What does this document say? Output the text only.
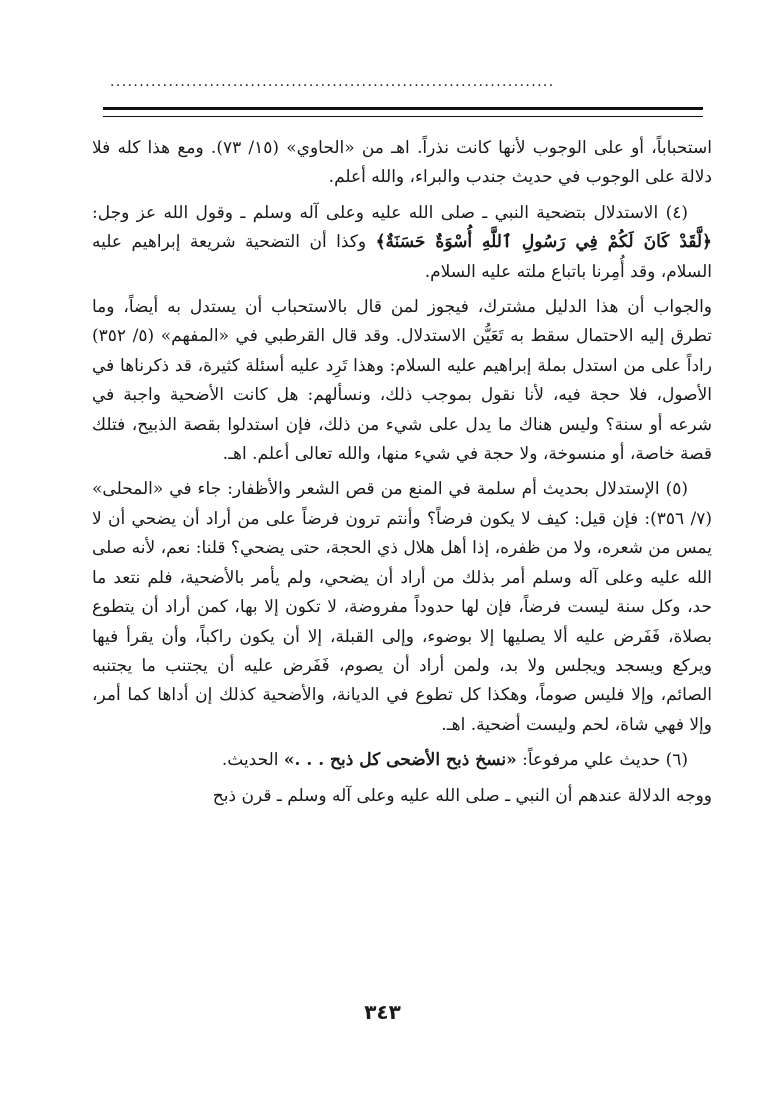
............................................................................

استحباباً، أو على الوجوب لأنها كانت نذراً. اهـ من «الحاوي» (١٥/ ٧٣). ومع هذا كله فلا دلالة على الوجوب في حديث جندب والبراء، والله أعلم.

(٤) الاستدلال بتضحية النبي ـ صلى الله عليه وعلى آله وسلم ـ وقول الله عز وجل: ﴿لَّقَدْ كَانَ لَكُمْ فِي رَسُولِ ٱللَّهِ أُسْوَةٌ حَسَنَةٌ﴾ وكذا أن التضحية شريعة إبراهيم عليه السلام، وقد أُمِرنا باتباع ملته عليه السلام.

والجواب أن هذا الدليل مشترك، فيجوز لمن قال بالاستحباب أن يستدل به أيضاً، وما تطرق إليه الاحتمال سقط به تَعَيُّن الاستدلال. وقد قال القرطبي في «المفهم» (٥/ ٣٥٢) راداً على من استدل بملة إبراهيم عليه السلام: وهذا تَرِد عليه أسئلة كثيرة، قد ذكرناها في الأصول، فلا حجة فيه، لأنا نقول بموجب ذلك، ونسألهم: هل كانت الأضحية واجبة في شرعه أو سنة؟ وليس هناك ما يدل على شيء من ذلك، فإن استدلوا بقصة الذبيح، فتلك قصة خاصة، أو منسوخة، ولا حجة في شيء منها، والله تعالى أعلم. اهـ.

(٥) الإستدلال بحديث أم سلمة في المنع من قص الشعر والأظفار: جاء في «المحلى» (٧/ ٣٥٦): فإن قيل: كيف لا يكون فرضاً؟ وأنتم ترون فرضاً على من أراد أن يضحي أن لا يمس من شعره، ولا من ظفره، إذا أهل هلال ذي الحجة، حتى يضحي؟ قلنا: نعم، لأنه صلى الله عليه وعلى آله وسلم أمر بذلك من أراد أن يضحي، ولم يأمر بالأضحية، فلم نتعد ما حد، وكل سنة ليست فرضاً، فإن لها حدوداً مفروضة، لا تكون إلا بها، كمن أراد أن يتطوع بصلاة، فَفَرض عليه ألا يصليها إلا بوضوء، وإلى القبلة، إلا أن يكون راكباً، وأن يقرأ فيها ويركع ويسجد ويجلس ولا بد، ولمن أراد أن يصوم، فَفَرض عليه أن يجتنب ما يجتنبه الصائم، وإلا فليس صوماً، وهكذا كل تطوع في الديانة، والأضحية كذلك إن أداها كما أمر، وإلا فهي شاة، لحم وليست أضحية. اهـ.

(٦) حديث علي مرفوعاً: «نسخ ذبح الأضحى كل ذبح . . .» الحديث.

ووجه الدلالة عندهم أن النبي ـ صلى الله عليه وعلى آله وسلم ـ قرن ذبح

٣٤٣
